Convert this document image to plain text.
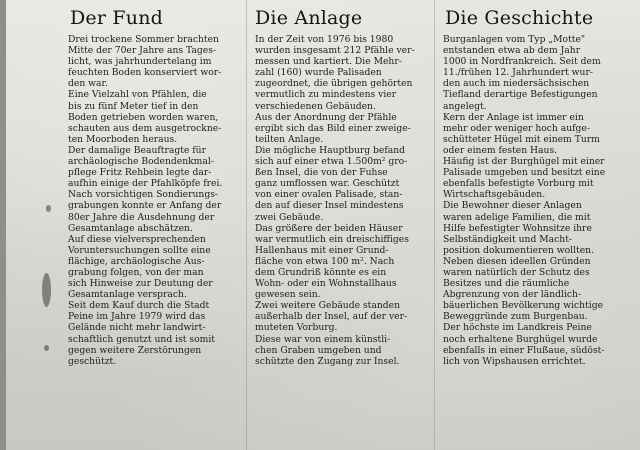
Der Fund

Drei trockene Sommer brachten
Mitte der 70er Jahre ans Tages-
licht, was jahrhundertelang im
feuchten Boden konserviert wor-
den war.
Eine Vielzahl von Pfählen, die
bis zu fünf Meter tief in den
Boden getrieben worden waren,
schauten aus dem ausgetrockne-
ten Moorboden heraus.
Der damalige Beauftragte für
archäologische Bodendenkmal-
pflege Fritz Rehbein legte dar-
aufhin einige der Pfahlköpfe frei.
Nach vorsichtigen Sondierungs-
grabungen konnte er Anfang der
80er Jahre die Ausdehnung der
Gesamtanlage abschätzen.
Auf diese vielversprechenden
Voruntersuchungen sollte eine
flächige, archäologische Aus-
grabung folgen, von der man
sich Hinweise zur Deutung der
Gesamtanlage versprach.
Seit dem Kauf durch die Stadt
Peine im Jahre 1979 wird das
Gelände nicht mehr landwirt-
schaftlich genutzt und ist somit
gegen weitere Zerstörungen
geschützt.

Die Anlage

In der Zeit von 1976 bis 1980
wurden insgesamt 212 Pfähle ver-
messen und kartiert. Die Mehr-
zahl (160) wurde Palisaden
zugeordnet, die übrigen gehörten
vermutlich zu mindestens vier
verschiedenen Gebäuden.
Aus der Anordnung der Pfähle
ergibt sich das Bild einer zweige-
teilten Anlage.
Die mögliche Hauptburg befand
sich auf einer etwa 1.500m² gro-
ßen Insel, die von der Fuhse
ganz umflossen war. Geschützt
von einer ovalen Palisade, stan-
den auf dieser Insel mindestens
zwei Gebäude.
Das größere der beiden Häuser
war vermutlich ein dreischiffiges
Hallenhaus mit einer Grund-
fläche von etwa 100 m². Nach
dem Grundriß könnte es ein
Wohn- oder ein Wohnstallhaus
gewesen sein.
Zwei weitere Gebäude standen
außerhalb der Insel, auf der ver-
muteten Vorburg.
Diese war von einem künstli-
chen Graben umgeben und
schützte den Zugang zur Insel.

Die Geschichte

Burganlagen vom Typ „Motte"
entstanden etwa ab dem Jahr
1000 in Nordfrankreich. Seit dem
11./frühen 12. Jahrhundert wur-
den auch im niedersächsischen
Tiefland derartige Befestigungen
angelegt.
Kern der Anlage ist immer ein
mehr oder weniger hoch aufge-
schütteter Hügel mit einem Turm
oder einem festen Haus.
Häufig ist der Burghügel mit einer
Palisade umgeben und besitzt eine
ebenfalls befestigte Vorburg mit
Wirtschaftsgebäuden.
Die Bewohner dieser Anlagen
waren adelige Familien, die mit
Hilfe befestigter Wohnsitze ihre
Selbständigkeit und Macht-
position dokumentieren wollten.
Neben diesen ideellen Gründen
waren natürlich der Schutz des
Besitzes und die räumliche
Abgrenzung von der ländlich-
bäuerlichen Bevölkerung wichtige
Beweggründe zum Burgenbau.
Der höchste im Landkreis Peine
noch erhaltene Burghügel wurde
ebenfalls in einer Flußaue, südöst-
lich von Wipshausen errichtet.
